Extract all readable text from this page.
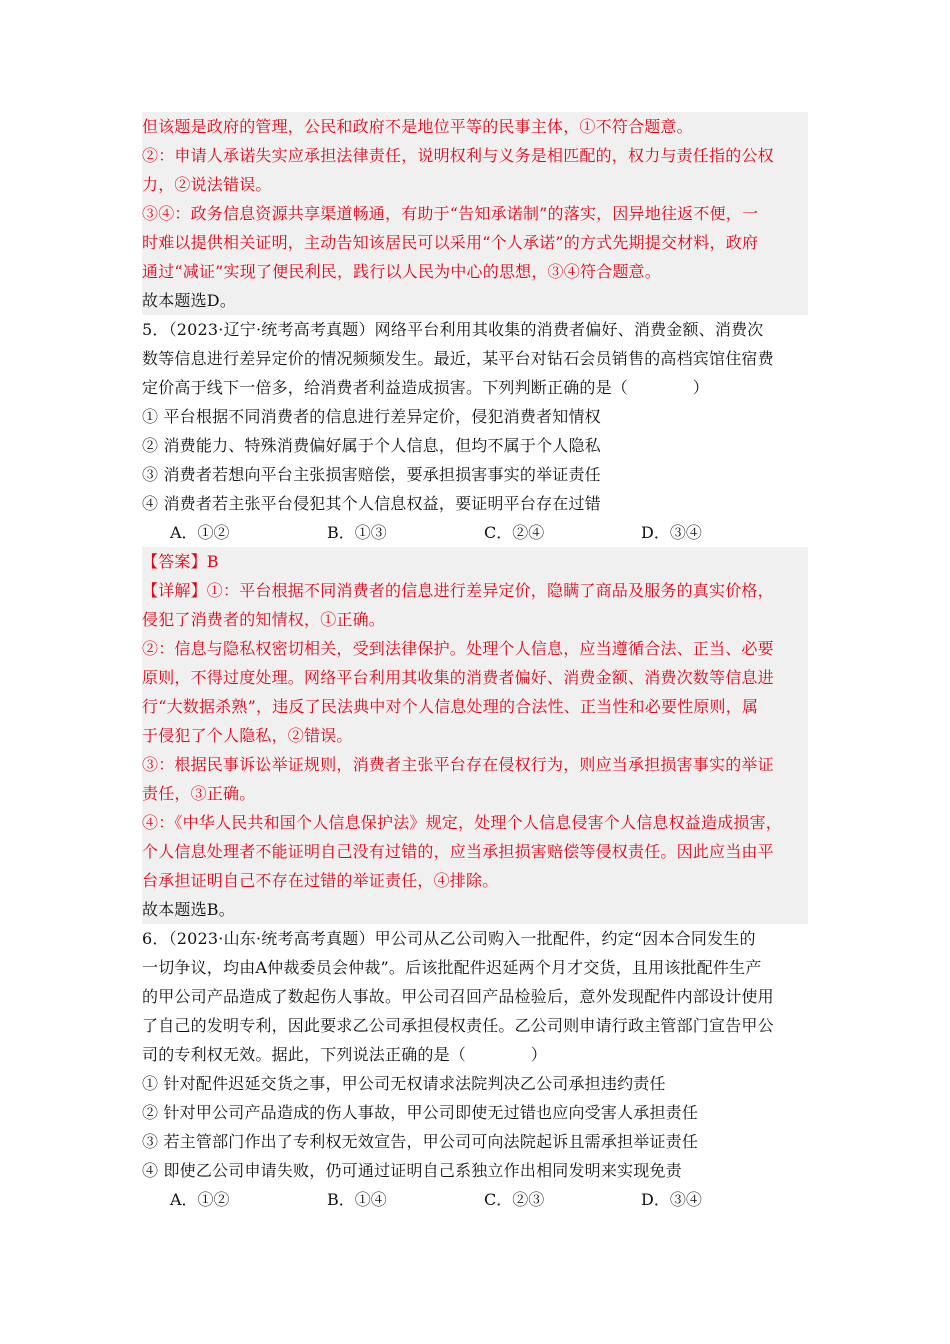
但该题是政府的管理，公民和政府不是地位平等的民事主体，①不符合题意。
②：申请人承诺失实应承担法律责任，说明权利与义务是相匹配的，权力与责任指的公权
力，②说法错误。
③④：政务信息资源共享渠道畅通，有助于“告知承诺制”的落实，因异地往返不便，一
时难以提供相关证明，主动告知该居民可以采用“个人承诺”的方式先期提交材料，政府
通过“减证”实现了便民利民，践行以人民为中心的思想，③④符合题意。
故本题选D。
5．（2023·辽宁·统考高考真题）网络平台利用其收集的消费者偏好、消费金额、消费次
数等信息进行差异定价的情况频频发生。最近，某平台对钻石会员销售的高档宾馆住宿费
定价高于线下一倍多，给消费者利益造成损害。下列判断正确的是（　　　　）
① 平台根据不同消费者的信息进行差异定价，侵犯消费者知情权
② 消费能力、特殊消费偏好属于个人信息，但均不属于个人隐私
③ 消费者若想向平台主张损害赔偿，要承担损害事实的举证责任
④ 消费者若主张平台侵犯其个人信息权益，要证明平台存在过错
A．①②	B．①③	C．②④	D．③④
【答案】B
【详解】①：平台根据不同消费者的信息进行差异定价，隐瞒了商品及服务的真实价格，
侵犯了消费者的知情权，①正确。
②：信息与隐私权密切相关，受到法律保护。处理个人信息，应当遵循合法、正当、必要
原则，不得过度处理。网络平台利用其收集的消费者偏好、消费金额、消费次数等信息进
行“大数据杀熟”，违反了民法典中对个人信息处理的合法性、正当性和必要性原则，属
于侵犯了个人隐私，②错误。
③：根据民事诉讼举证规则，消费者主张平台存在侵权行为，则应当承担损害事实的举证
责任，③正确。
④：《中华人民共和国个人信息保护法》规定，处理个人信息侵害个人信息权益造成损害，
个人信息处理者不能证明自己没有过错的，应当承担损害赔偿等侵权责任。因此应当由平
台承担证明自己不存在过错的举证责任，④排除。
故本题选B。
6．（2023·山东·统考高考真题）甲公司从乙公司购入一批配件，约定“因本合同发生的
一切争议，均由A仲裁委员会仲裁”。后该批配件迟延两个月才交货，且用该批配件生产
的甲公司产品造成了数起伤人事故。甲公司召回产品检验后，意外发现配件内部设计使用
了自己的发明专利，因此要求乙公司承担侵权责任。乙公司则申请行政主管部门宣告甲公
司的专利权无效。据此，下列说法正确的是（　　　　）
① 针对配件迟延交货之事，甲公司无权请求法院判决乙公司承担违约责任
② 针对甲公司产品造成的伤人事故，甲公司即使无过错也应向受害人承担责任
③ 若主管部门作出了专利权无效宣告，甲公司可向法院起诉且需承担举证责任
④ 即使乙公司申请失败，仍可通过证明自己系独立作出相同发明来实现免责
A．①②	B．①④	C．②③	D．③④
